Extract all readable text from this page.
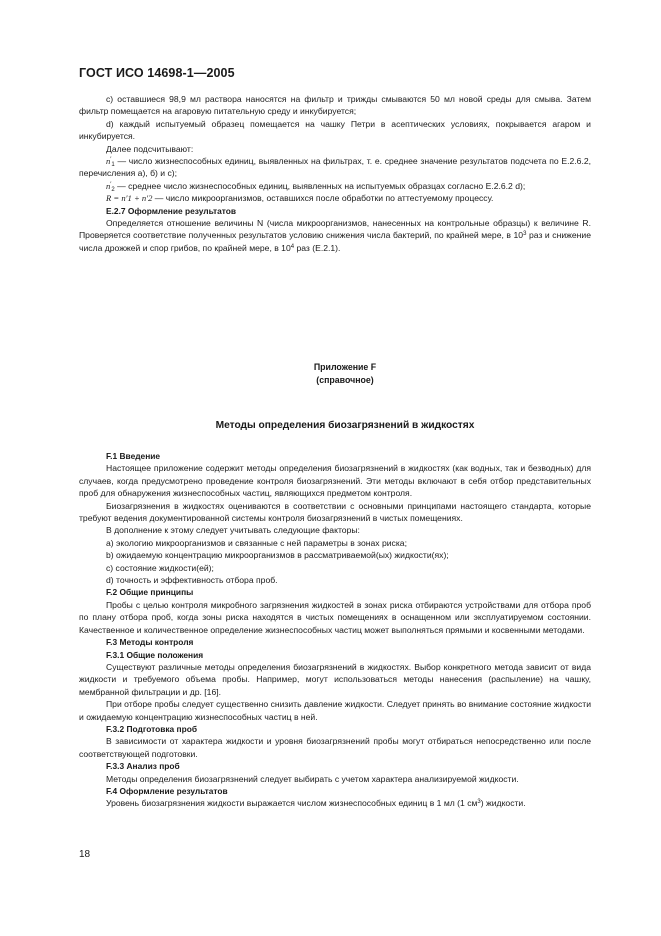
ГОСТ ИСО 14698-1—2005

с) оставшиеся 98,9 мл раствора наносятся на фильтр и трижды смываются 50 мл новой среды для смыва. Затем фильтр помещается на агаровую питательную среду и инкубируется;

d) каждый испытуемый образец помещается на чашку Петри в асептических условиях, покрывается агаром и инкубируется.

Далее подсчитывают:

$n'_1$ — число жизнеспособных единиц, выявленных на фильтрах, т. е. среднее значение результатов подсчета по Е.2.6.2, перечисления а), б) и с);

$n'_2$ — среднее число жизнеспособных единиц, выявленных на испытуемых образцах согласно Е.2.6.2 d);

R = n′1 + n′2 — число микроорганизмов, оставшихся после обработки по аттестуемому процессу.

Е.2.7 Оформление результатов

Определяется отношение величины N (числа микроорганизмов, нанесенных на контрольные образцы) к величине R. Проверяется соответствие полученных результатов условию снижения числа бактерий, по крайней мере, в $10^3$ раз и снижение числа дрожжей и спор грибов, по крайней мере, в $10^4$ раз (Е.2.1).

Приложение F
(справочное)
Методы определения биозагрязнений в жидкостях

F.1 Введение

Настоящее приложение содержит методы определения биозагрязнений в жидкостях (как водных, так и безводных) для случаев, когда предусмотрено проведение контроля биозагрязнений. Эти методы включают в себя отбор представительных проб для обнаружения жизнеспособных частиц, являющихся предметом контроля.

Биозагрязнения в жидкостях оцениваются в соответствии с основными принципами настоящего стандарта, которые требуют ведения документированной системы контроля биозагрязнений в чистых помещениях.

В дополнение к этому следует учитывать следующие факторы:

а) экологию микроорганизмов и связанные с ней параметры в зонах риска;

b) ожидаемую концентрацию микроорганизмов в рассматриваемой(ых) жидкости(ях);

с) состояние жидкости(ей);

d) точность и эффективность отбора проб.

F.2 Общие принципы

Пробы с целью контроля микробного загрязнения жидкостей в зонах риска отбираются устройствами для отбора проб по плану отбора проб, когда зоны риска находятся в чистых помещениях в оснащенном или эксплуатируемом состоянии. Качественное и количественное определение жизнеспособных частиц может выполняться прямыми и косвенными методами.

F.3 Методы контроля

F.3.1 Общие положения

Существуют различные методы определения биозагрязнений в жидкостях. Выбор конкретного метода зависит от вида жидкости и требуемого объема пробы. Например, могут использоваться методы нанесения (распыление) на чашку, мембранной фильтрации и др. [16].

При отборе пробы следует существенно снизить давление жидкости. Следует принять во внимание состояние жидкости и ожидаемую концентрацию жизнеспособных частиц в ней.

F.3.2 Подготовка проб

В зависимости от характера жидкости и уровня биозагрязнений пробы могут отбираться непосредственно или после соответствующей подготовки.

F.3.3 Анализ проб

Методы определения биозагрязнений следует выбирать с учетом характера анализируемой жидкости.

F.4 Оформление результатов

Уровень биозагрязнения жидкости выражается числом жизнеспособных единиц в 1 мл (1 $см^3$) жидкости.

18
